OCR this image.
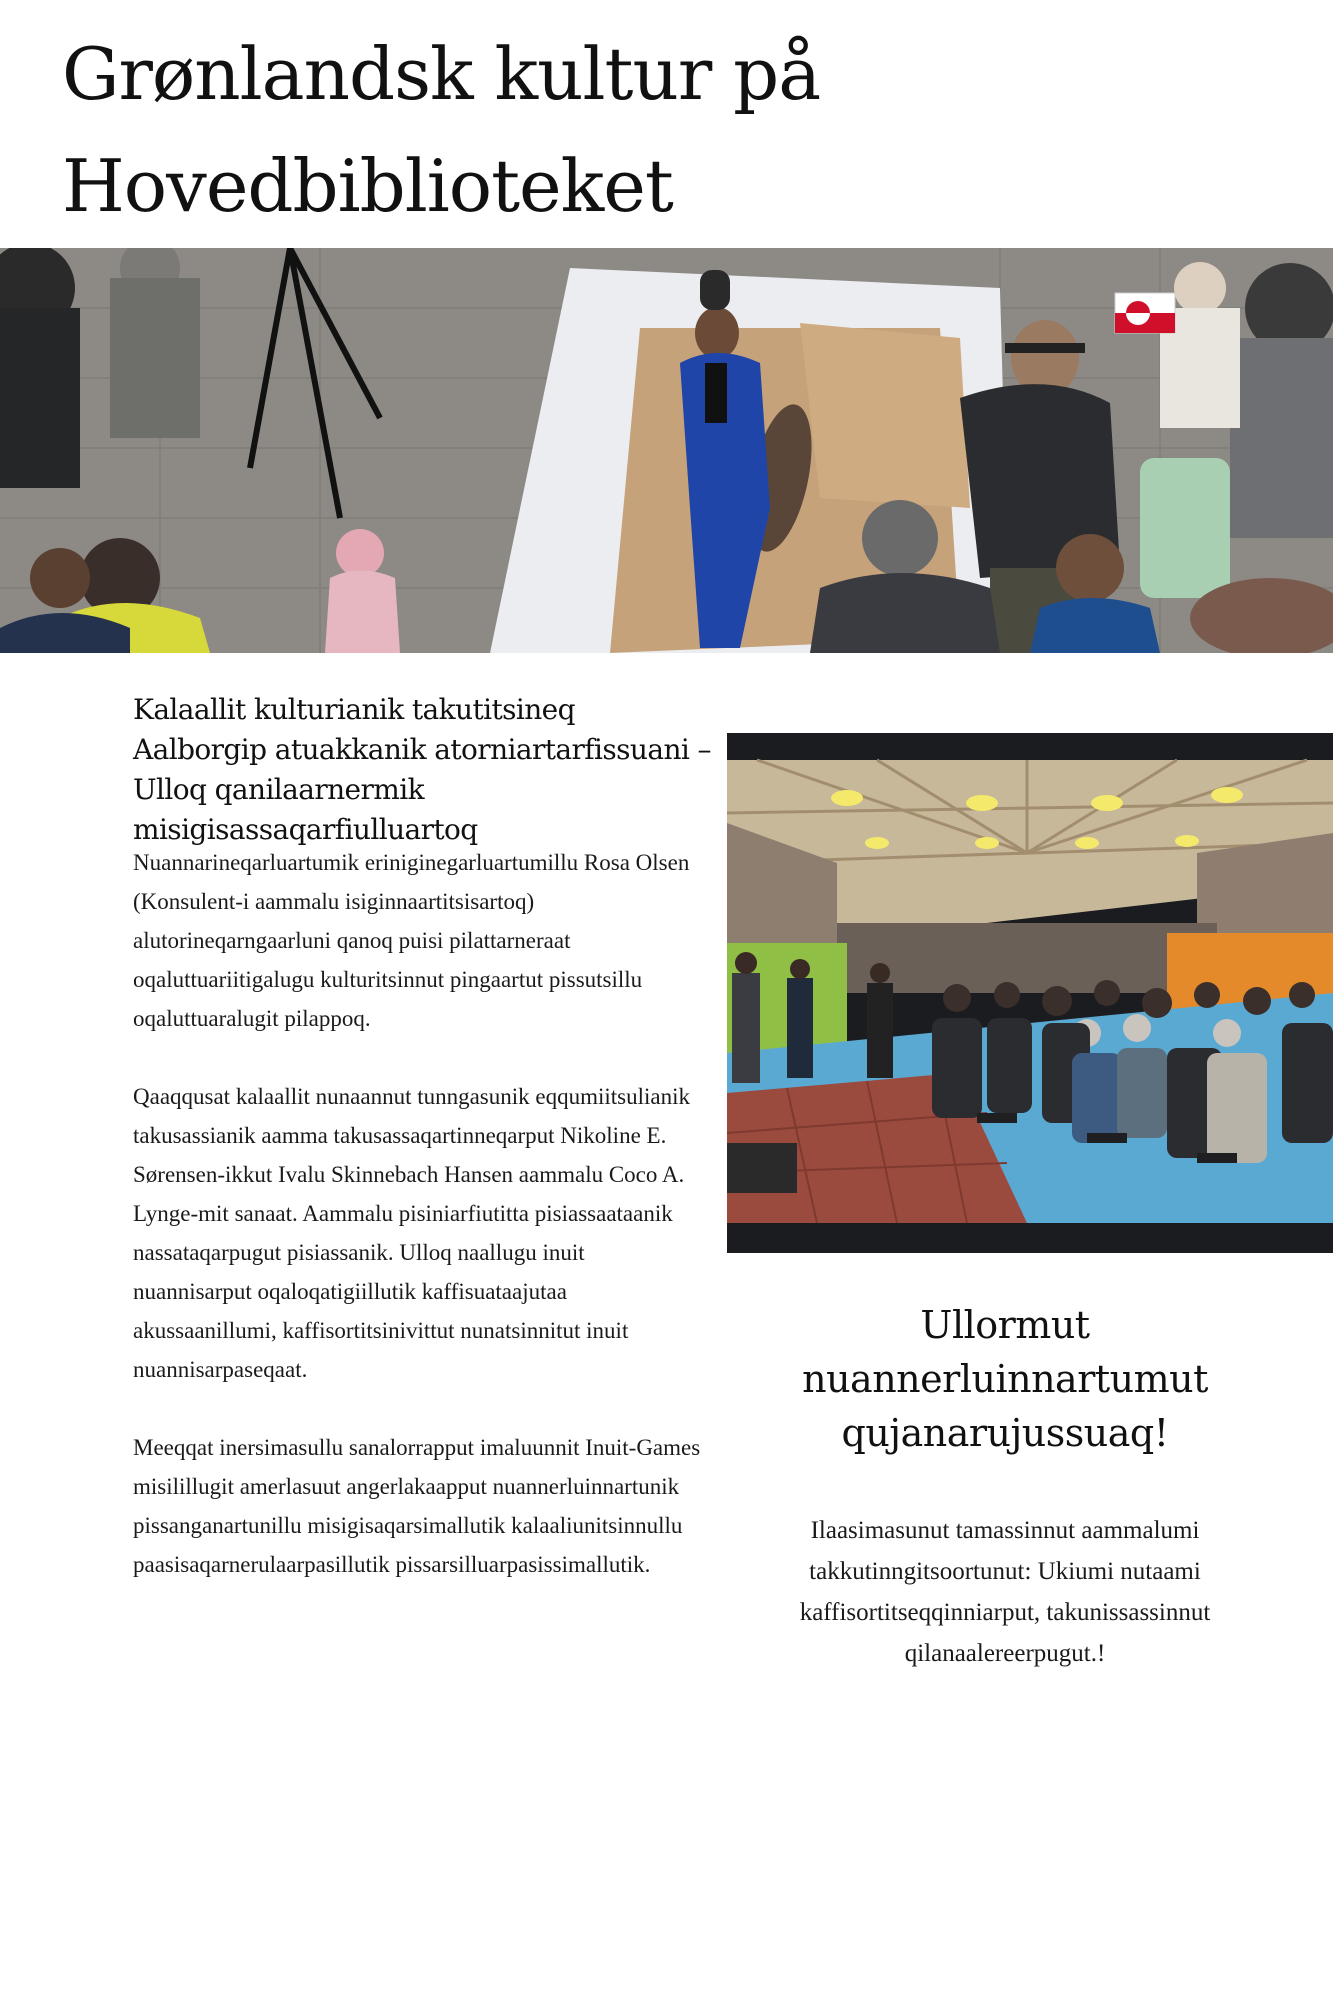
Grønlandsk kultur på Hovedbiblioteket
Kalaallit kulturianik takutitsineq Aalborgip atuakkanik atorniartarfissuani – Ulloq qanilaarnermik misigisassaqarfiulluartoq

Nuannarineqarluartumik eriniginegarluartumillu Rosa Olsen (Konsulent-i aammalu isiginnaartitsisartoq) alutorineqarngaarluni qanoq puisi pilattarneraat oqaluttuariitigalugu kulturitsinnut pingaartut pissutsillu oqaluttuaralugit pilappoq.

Qaaqqusat kalaallit nunaannut tunngasunik eqqumiitsulianik takusassianik aamma takusassaqartinneqarput Nikoline E. Sørensen-ikkut Ivalu Skinnebach Hansen aammalu Coco A. Lynge-mit sanaat. Aammalu pisiniarfiutitta pisiassaataanik nassataqarpugut pisiassanik. Ulloq naallugu inuit nuannisarput oqaloqatigiillutik kaffisuataajutaa akussaanillumi, kaffisortitsinivittut nunatsinnitut inuit nuannisarpaseqaat.

Meeqqat inersimasullu sanalorrapput imaluunnit Inuit-Games misilillugit amerlasuut angerlakaapput nuannerluinnartunik pissanganartunillu misigisaqarsimallutik kalaaliunitsinnullu paasisaqarnerulaarpasillutik pissarsilluarpasissimallutik.

Ullormut nuannerluinnartumut qujanarujussuaq!

Ilaasimasunut tamassinnut aammalumi takkutinngitsoortunut: Ukiumi nutaami kaffisortitseqqinniarput, takunissassinnut qilanaalereerpugut.!
